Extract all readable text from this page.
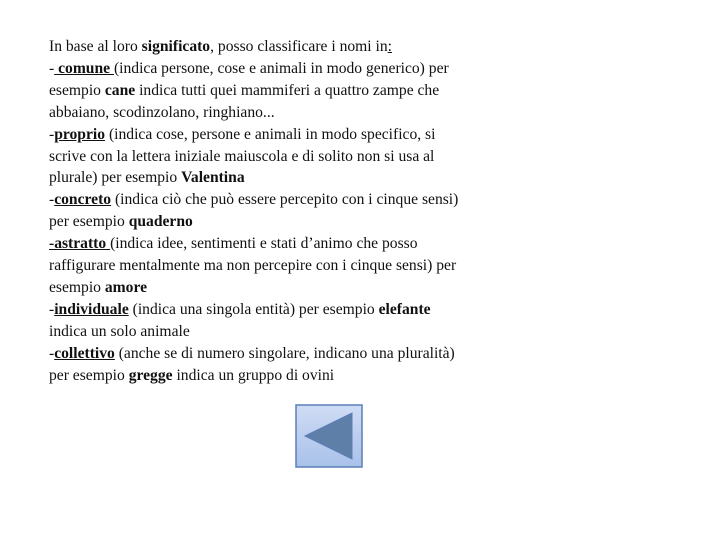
In base al loro significato, posso classificare i nomi in:
- comune (indica persone, cose e animali in modo generico) per
esempio cane indica tutti quei mammiferi a quattro zampe che
abbaiano, scodinzolano, ringhiano...
-proprio (indica cose, persone e animali in modo specifico, si
scrive con la lettera iniziale maiuscola e di solito non si usa al
plurale) per esempio Valentina
-concreto (indica ciò che può essere percepito con i cinque sensi)
per esempio quaderno
-astratto (indica idee, sentimenti e stati d’animo che posso
raffigurare mentalmente ma non percepire con i cinque sensi) per
esempio amore
-individuale (indica una singola entità) per esempio elefante
indica un solo animale
-collettivo (anche se di numero singolare, indicano una pluralità)
per esempio gregge indica un gruppo di ovini
